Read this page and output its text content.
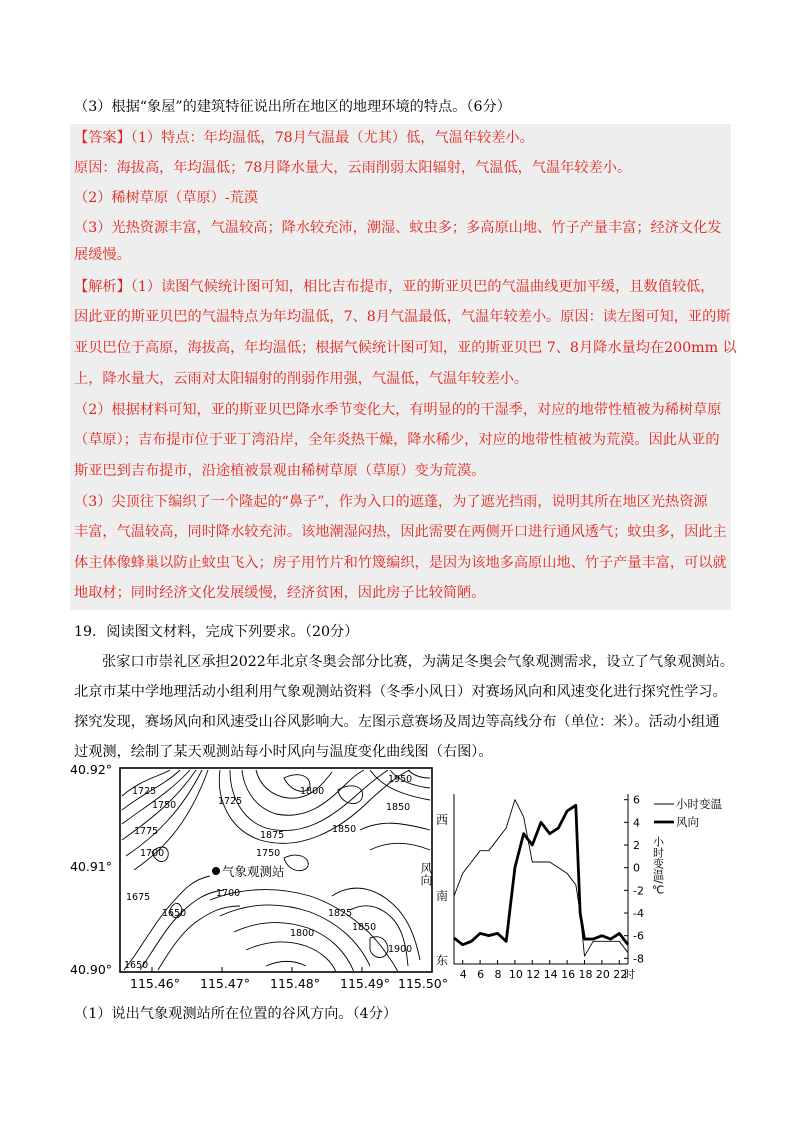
（3）根据“象屋”的建筑特征说出所在地区的地理环境的特点。（6分）
【答案】（1）特点：年均温低，78月气温最（尤其）低，气温年较差小。
原因：海拔高，年均温低；78月降水量大，云雨削弱太阳辐射，气温低，气温年较差小。
（2）稀树草原（草原）-荒漠
（3）光热资源丰富，气温较高；降水较充沛，潮湿、蚊虫多；多高原山地、竹子产量丰富；经济文化发
展缓慢。
【解析】（1）读图气候统计图可知，相比吉布提市，亚的斯亚贝巴的气温曲线更加平缓，且数值较低，
因此亚的斯亚贝巴的气温特点为年均温低，7、8月气温最低，气温年较差小。原因：读左图可知，亚的斯
亚贝巴位于高原，海拔高，年均温低；根据气候统计图可知，亚的斯亚贝巴 7、8月降水量均在200mm 以
上，降水量大，云雨对太阳辐射的削弱作用强，气温低，气温年较差小。
（2）根据材料可知，亚的斯亚贝巴降水季节变化大，有明显的的干湿季，对应的地带性植被为稀树草原
（草原）；吉布提市位于亚丁湾沿岸，全年炎热干燥，降水稀少，对应的地带性植被为荒漠。因此从亚的
斯亚巴到吉布提市，沿途植被景观由稀树草原（草原）变为荒漠。
（3）尖顶往下编织了一个隆起的“鼻子”，作为入口的遮蓬，为了遮光挡雨，说明其所在地区光热资源
丰富，气温较高，同时降水较充沛。该地潮湿闷热，因此需要在两侧开口进行通风透气；蚊虫多，因此主
体主体像蜂巢以防止蚊虫飞入；房子用竹片和竹篾编织，是因为该地多高原山地、竹子产量丰富，可以就
地取材；同时经济文化发展缓慢，经济贫困，因此房子比较简陋。
19．阅读图文材料，完成下列要求。（20分）
张家口市崇礼区承担2022年北京冬奥会部分比赛，为满足冬奥会气象观测需求，设立了气象观测站。
北京市某中学地理活动小组利用气象观测站资料（冬季小风日）对赛场风向和风速变化进行探究性学习。
探究发现，赛场风向和风速受山谷风影响大。左图示意赛场及周边等高线分布（单位：米）。活动小组通
过观测，绘制了某天观测站每小时风向与温度变化曲线图（右图）。
1725
1750
1775
1725
1875
1950
1800
1850
1750
1700
1850
1675
1650
1700
1825
1850
1800
1900
1650
气象观测站
40.92°
40.91°
40.90°
115.46° 115.47° 115.48° 115.49° 115.50°
6
4
2
0
-2
-4
-6
-8
4 6 8 10 12 14 16 18 20 22
时
西
南
东
风向	小时变温/℃
小时变温
风向
（1）说出气象观测站所在位置的谷风方向。（4分）
